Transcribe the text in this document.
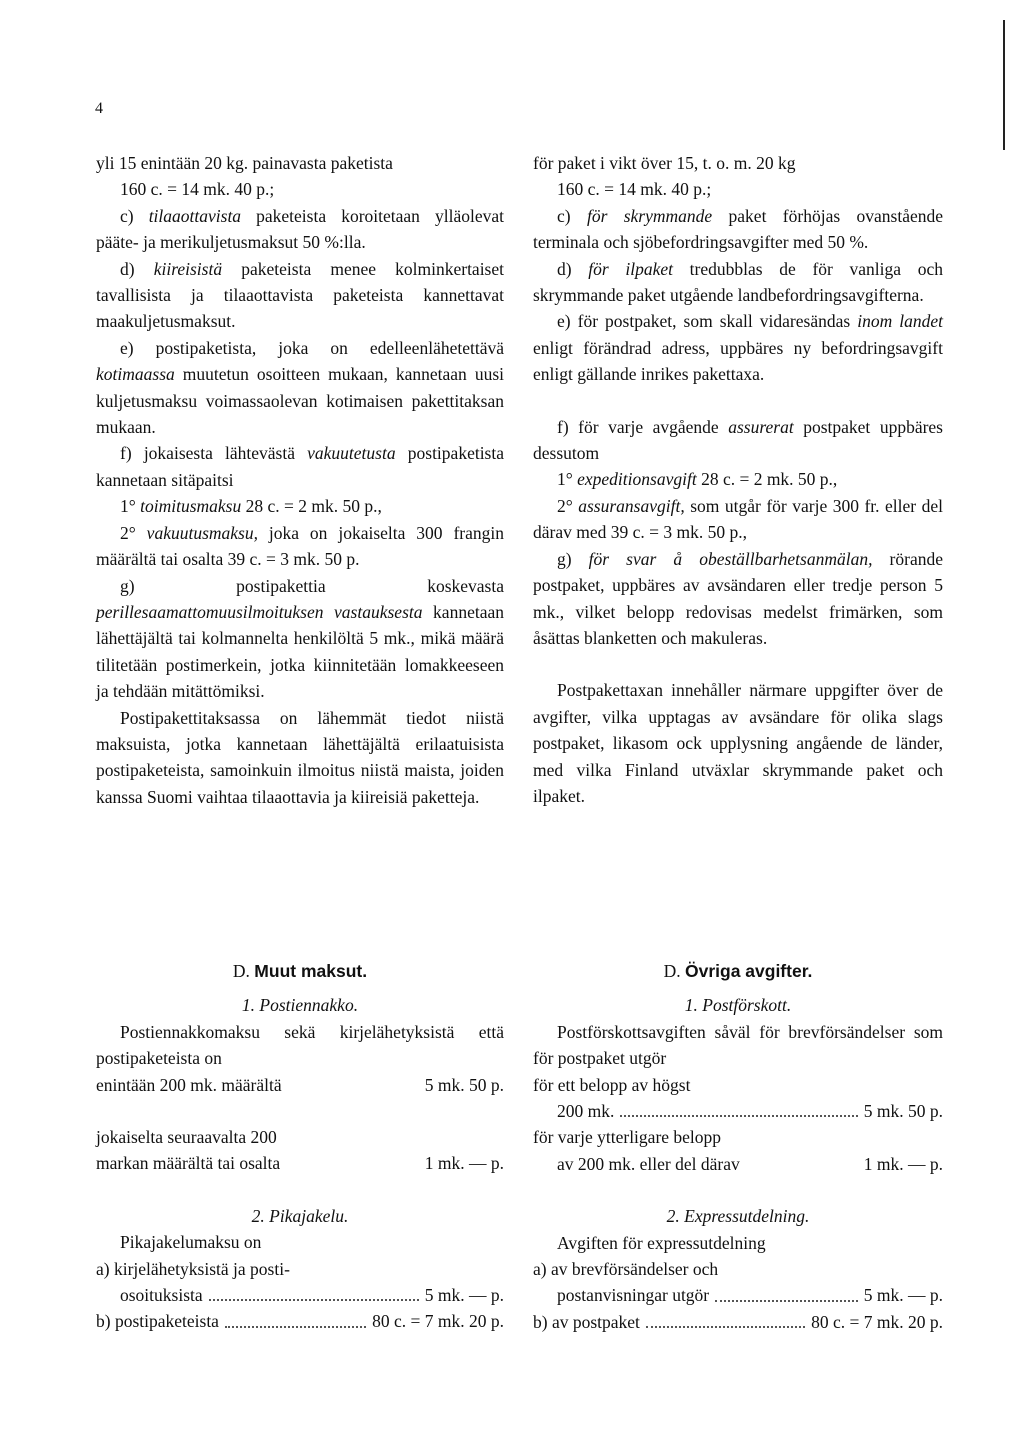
4

yli 15 enintään 20 kg. painavasta paketista

160 c. = 14 mk. 40 p.;

c) tilaaottavista paketeista koroitetaan ylläolevat pääte- ja merikuljetusmaksut 50 %:lla.

d) kiireisistä paketeista menee kolminkertaiset tavallisista ja tilaaottavista paketeista kannettavat maakuljetusmaksut.

e) postipaketista, joka on edelleenlähetettävä kotimaassa muutetun osoitteen mukaan, kannetaan uusi kuljetusmaksu voimassaolevan kotimaisen pakettitaksan mukaan.

f) jokaisesta lähtevästä vakuutetusta postipaketista kannetaan sitäpaitsi

1° toimitusmaksu 28 c. = 2 mk. 50 p.,

2° vakuutusmaksu, joka on jokaiselta 300 frangin määrältä tai osalta 39 c. = 3 mk. 50 p.

g) postipakettia koskevasta perillesaamattomuusilmoituksen vastauksesta kannetaan lähettäjältä tai kolmannelta henkilöltä 5 mk., mikä määrä tilitetään postimerkein, jotka kiinnitetään lomakkeeseen ja tehdään mitättömiksi.

Postipakettitaksassa on lähemmät tiedot niistä maksuista, jotka kannetaan lähettäjältä erilaatuisista postipaketeista, samoinkuin ilmoitus niistä maista, joiden kanssa Suomi vaihtaa tilaaottavia ja kiireisiä paketteja.

D. Muut maksut.

1. Postiennakko.

Postiennakkomaksu sekä kirjelähetyksistä että postipaketeista on

enintään 200 mk. määrältä	5 mk. 50 p.

jokaiselta seuraavalta 200

markan määrältä tai osalta	1 mk. — p.

2. Pikajakelu.

Pikajakelumaksu on

a) kirjelähetyksistä ja posti-

osoituksista	5 mk. — p.
b) postipaketeista	80 c. = 7 mk. 20 p.

för paket i vikt över 15, t. o. m. 20 kg

160 c. = 14 mk. 40 p.;

c) för skrymmande paket förhöjas ovanstående terminala och sjöbefordringsavgifter med 50 %.

d) för ilpaket tredubblas de för vanliga och skrymmande paket utgående landbefordringsavgifterna.

e) för postpaket, som skall vidaresändas inom landet enligt förändrad adress, uppbäres ny befordringsavgift enligt gällande inrikes pakettaxa.

f) för varje avgående assurerat postpaket uppbäres dessutom

1° expeditionsavgift 28 c. = 2 mk. 50 p.,

2° assuransavgift, som utgår för varje 300 fr. eller del därav med 39 c. = 3 mk. 50 p.,

g) för svar å obeställbarhetsanmälan, rörande postpaket, uppbäres av avsändaren eller tredje person 5 mk., vilket belopp redovisas medelst frimärken, som åsättas blanketten och makuleras.

Postpakettaxan innehåller närmare uppgifter över de avgifter, vilka upptagas av avsändare för olika slags postpaket, likasom ock upplysning angående de länder, med vilka Finland utväxlar skrymmande paket och ilpaket.

D. Övriga avgifter.

1. Postförskott.

Postförskottsavgiften såväl för brevförsändelser som för postpaket utgör

för ett belopp av högst

200 mk.	5 mk. 50 p.

för varje ytterligare belopp

av 200 mk. eller del därav	1 mk. — p.

2. Expressutdelning.

Avgiften för expressutdelning

a) av brevförsändelser och

postanvisningar utgör	5 mk. — p.
b) av postpaket	80 c. = 7 mk. 20 p.
